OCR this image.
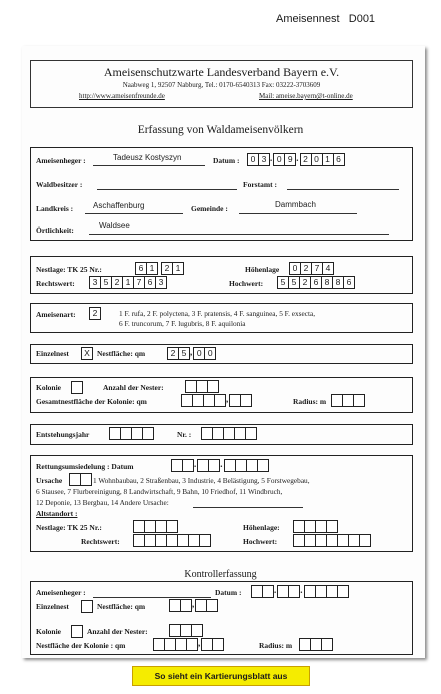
Ameisennest   D001
Ameisenschutzwarte Landesverband Bayern e.V.
Naabweg 1, 92507 Nabburg, Tel.: 0170-6540313 Fax: 03222-3703609
http://www.ameisenfreunde.de	Mail: ameise.bayern@t-online.de
Erfassung von Waldameisenvölkern
Ameisenheger :	Tadeusz Kostyszyn	Datum :	0 3 . 0 9 . 2 0 1 6
Waldbesitzer :	Forstamt :
Landkreis : Aschaffenburg	Gemeinde :	Dammbach
Örtlichkeit:
Waldsee
Nestlage: TK 25 Nr.:	6 1	2 1	Höhenlage	0 2 7 4
Rechtswert:	3 5 2 1 7 6 3	Hochwert:	5 5 2 6 8 8 6
Ameisenart:	2	1 F. rufa, 2 F. polyctena, 3 F. pratensis, 4 F. sanguinea, 5 F. exsecta,
6 F. truncorum, 7 F. lugubris, 8 F. aquilonia
Einzelnest	X Nestfläche: qm	2 5 , 0 0
Kolonie	Anzahl der Nester:
Gesamtnestfläche der Kolonie: qm	,	Radius: m
Entstehungsjahr	Nr. :
Rettungsumsiedelung : Datum	.	.
Ursache	1 Wohnbaubau, 2 Straßenbau, 3 Industrie, 4 Belästigung, 5 Forstwegebau,
6 Stausee, 7 Flurbereinigung, 8 Landwirtschaft, 9 Bahn, 10 Friedhof, 11 Windbruch,
12 Deponie, 13 Bergbau, 14 Andere Ursache:
Altstandort :
Nestlage: TK 25 Nr.:	Höhenlage:
Rechtswert:	Hochwert:
Kontrollerfassung
Ameisenheger :	Datum :	.	.
Einzelnest	Nestfläche: qm	,
Kolonie	Anzahl der Nester:
Nestfläche der Kolonie : qm	,	Radius: m
So sieht ein Kartierungsblatt aus
